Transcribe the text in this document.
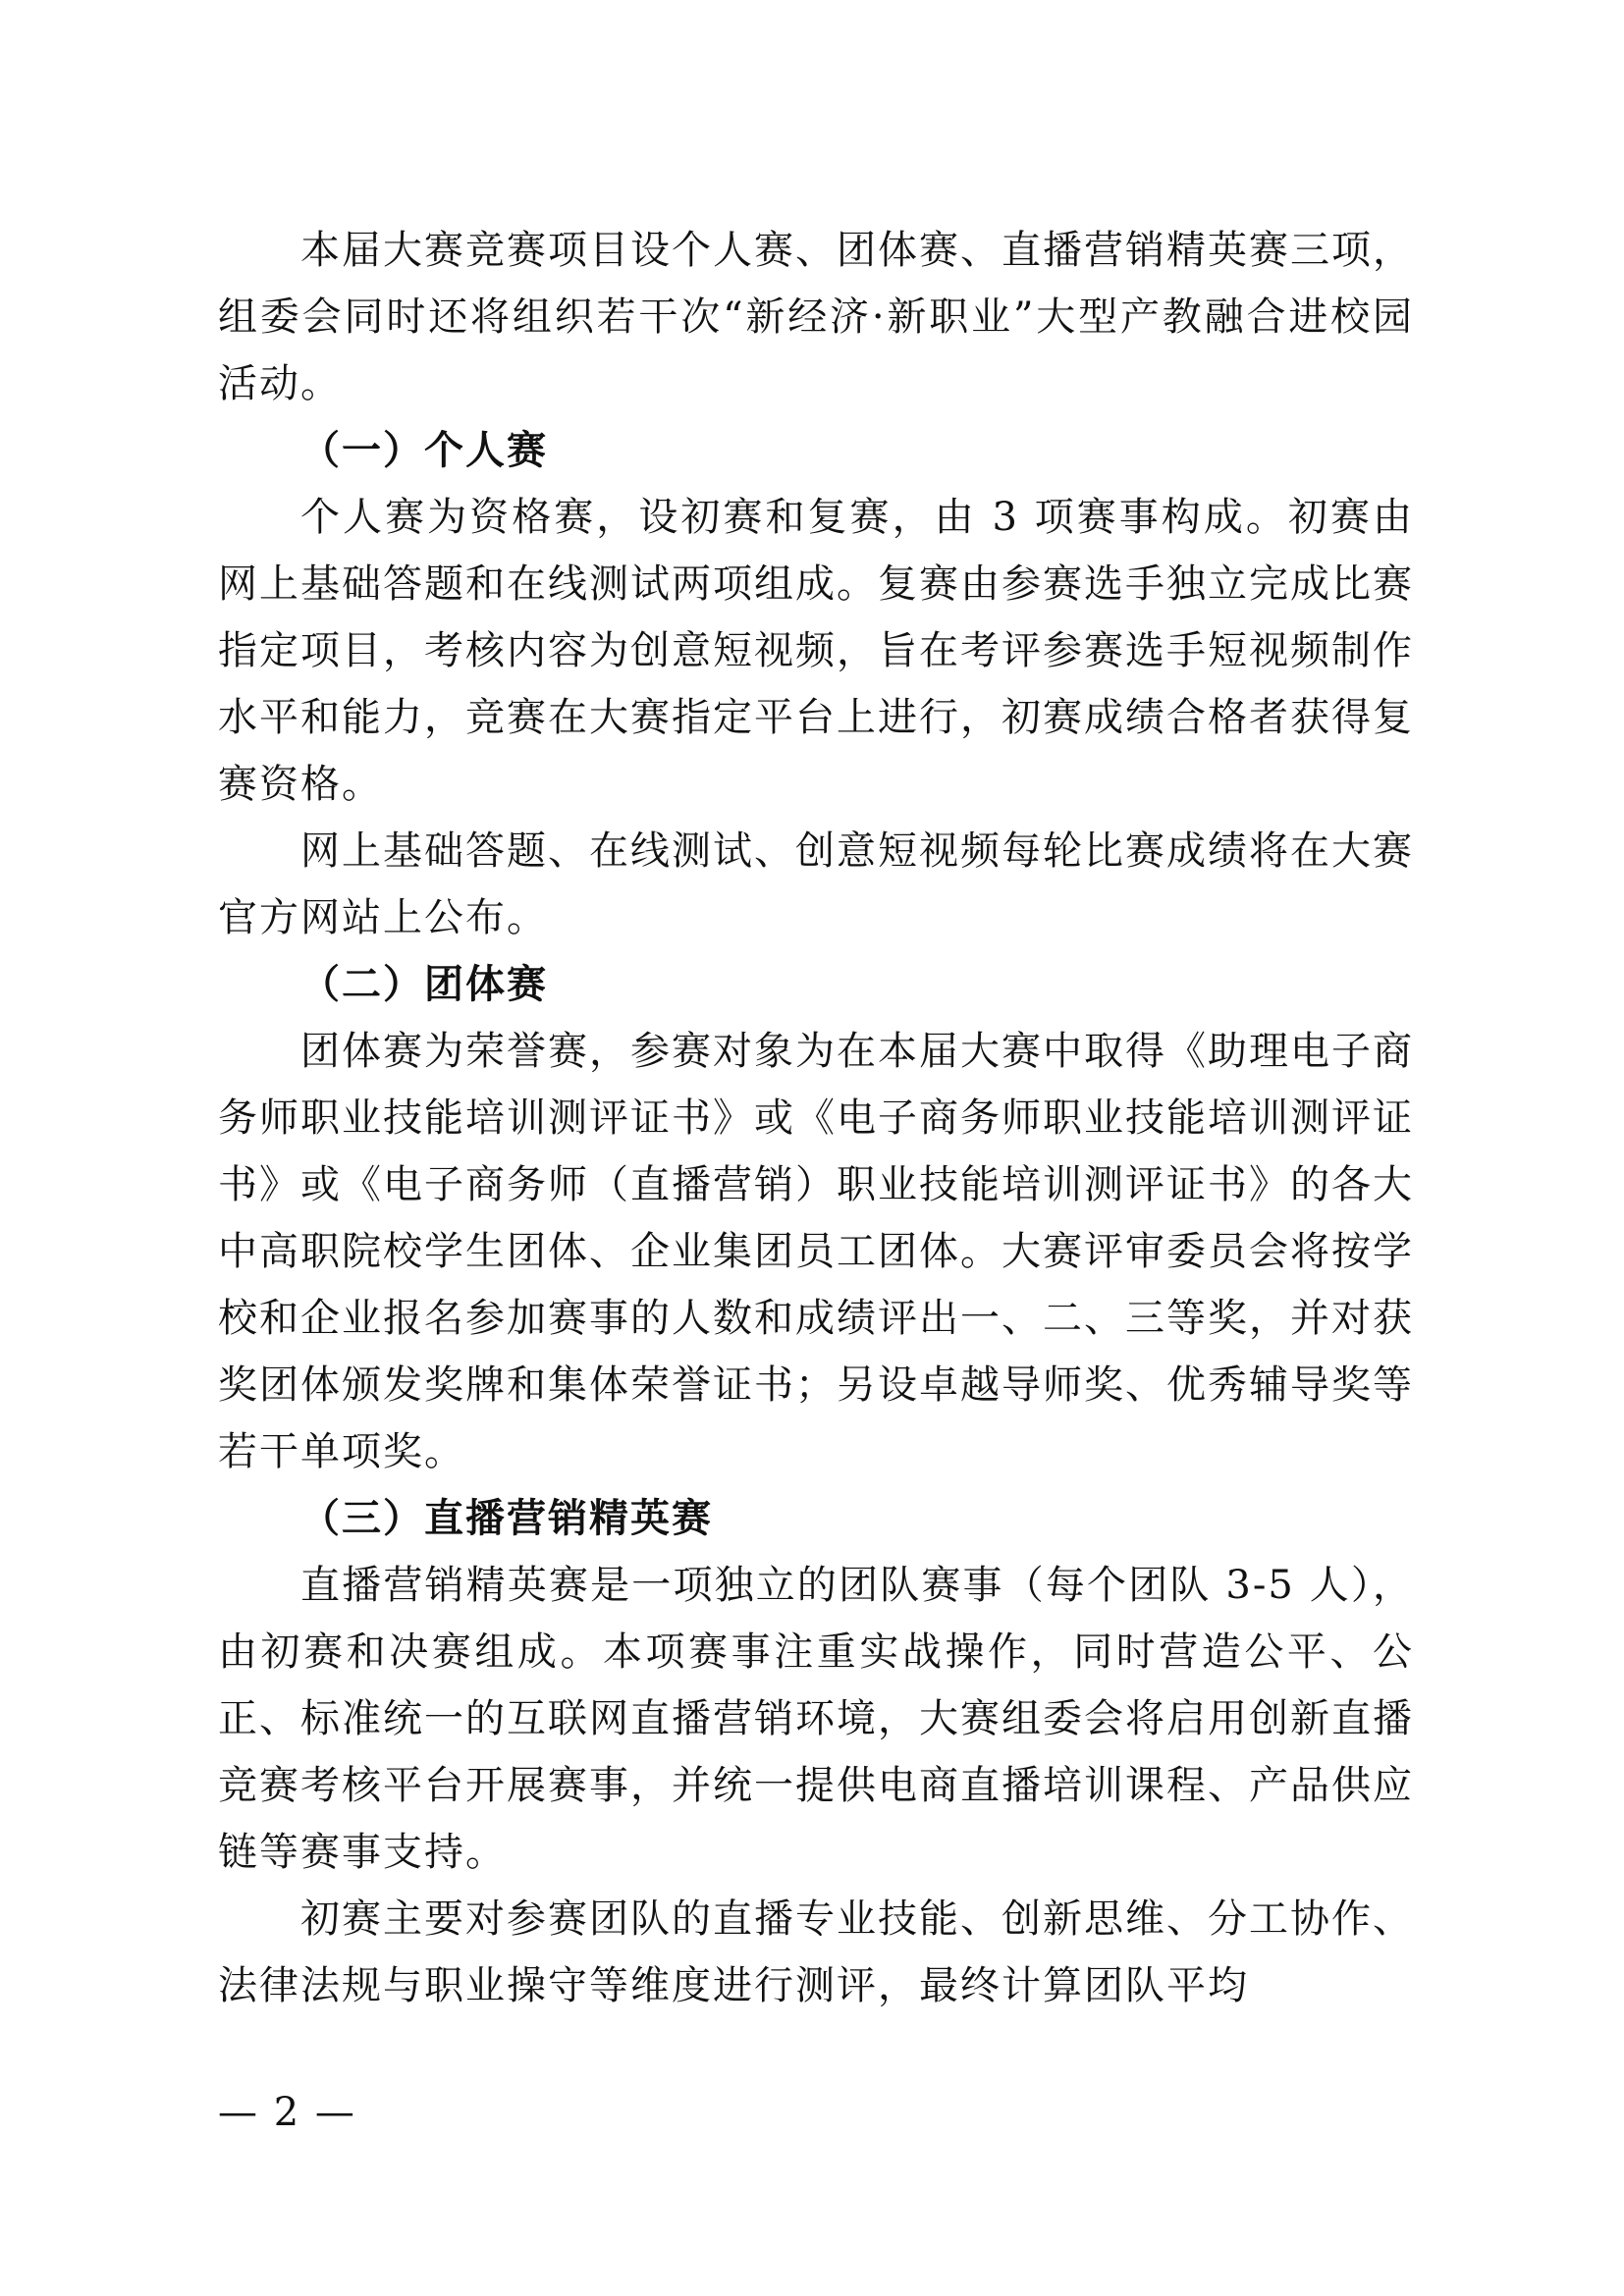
本届大赛竞赛项目设个人赛、团体赛、直播营销精英赛三项，组委会同时还将组织若干次“新经济·新职业”大型产教融合进校园活动。

（一）个人赛

个人赛为资格赛，设初赛和复赛，由 3 项赛事构成。初赛由网上基础答题和在线测试两项组成。复赛由参赛选手独立完成比赛指定项目，考核内容为创意短视频，旨在考评参赛选手短视频制作水平和能力，竞赛在大赛指定平台上进行，初赛成绩合格者获得复赛资格。

网上基础答题、在线测试、创意短视频每轮比赛成绩将在大赛官方网站上公布。

（二）团体赛

团体赛为荣誉赛，参赛对象为在本届大赛中取得《助理电子商务师职业技能培训测评证书》或《电子商务师职业技能培训测评证书》或《电子商务师（直播营销）职业技能培训测评证书》的各大中高职院校学生团体、企业集团员工团体。大赛评审委员会将按学校和企业报名参加赛事的人数和成绩评出一、二、三等奖，并对获奖团体颁发奖牌和集体荣誉证书；另设卓越导师奖、优秀辅导奖等若干单项奖。

（三）直播营销精英赛

直播营销精英赛是一项独立的团队赛事（每个团队 3-5 人），由初赛和决赛组成。本项赛事注重实战操作，同时营造公平、公正、标准统一的互联网直播营销环境，大赛组委会将启用创新直播竞赛考核平台开展赛事，并统一提供电商直播培训课程、产品供应链等赛事支持。

初赛主要对参赛团队的直播专业技能、创新思维、分工协作、法律法规与职业操守等维度进行测评，最终计算团队平均

— 2 —
